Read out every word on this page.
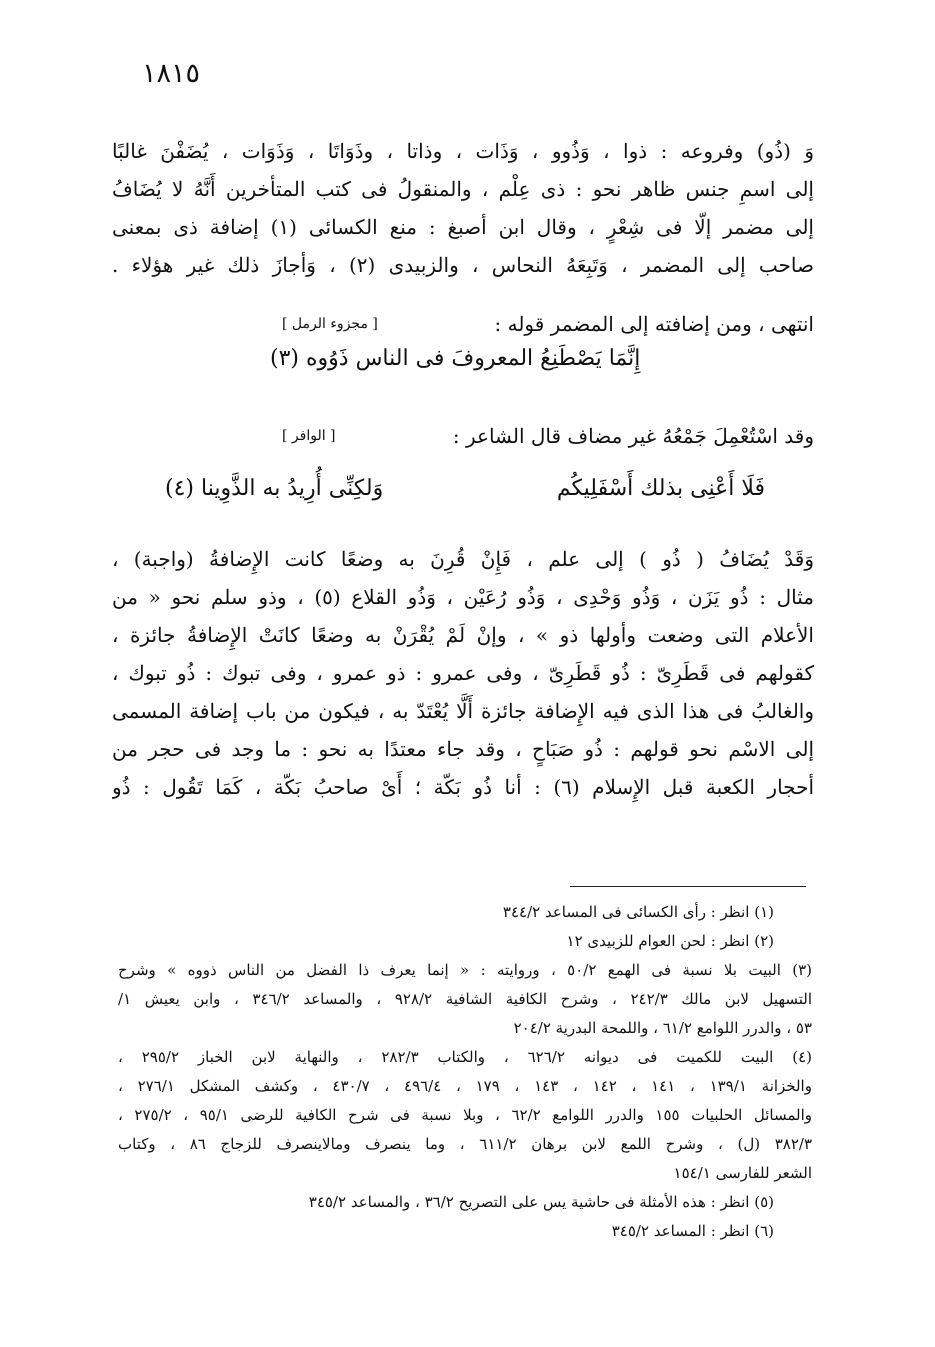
١٨١٥
وَ (ذُو) وفروعه : ذوا ، وَذُوو ، وَذَات ، وذاتا ، وذَوَاتَا ، وَذَوَات ، يُضَفْنَ غالبًا
إلى اسمِ جنس ظاهر نحو : ذى عِلْم ، والمنقولُ فى كتب المتأخرين أَنَّهُ لا يُضَافُ
إلى مضمر إلّا فى شِعْرٍ ، وقال ابن أصبغ : منع الكسائى (١) إضافة ذى بمعنى
صاحب إلى المضمر ، وَتَبِعَهُ النحاس ، والزبيدى (٢) ، وَأجازَ ذلك غير هؤلاء .
انتهى ، ومن إضافته إلى المضمر قوله :
[ مجزوء الرمل ]
إِنَّمَا يَصْطَنِعُ المعروفَ فى الناس ذَوُوه (٣)
وقد اسْتُعْمِلَ جَمْعُهُ غير مضاف قال الشاعر :
[ الوافر ]
فَلَا أَعْنِى بذلك أَسْفَلِيكُم
وَلكِنِّى أُرِيدُ به الذَّوِينا (٤)
وَقَدْ يُضَافُ ( ذُو ) إلى علم ، فَإِنْ قُرِنَ به وضعًا كانت الإِضافةُ (واجبة) ،
مثال : ذُو يَزَن ، وَذُو وَحْدِى ، وَذُو رُعَيْن ، وَذُو القلاع (٥) ، وذو سلم نحو « من
الأعلام التى وضعت وأولها ذو » ، وإنْ لَمْ يُقْرَنْ به وضعًا كانَتْ الإِضافةُ جائزة ،
كقولهم فى قَطَرِىّ : ذُو قَطَرِىّ ، وفى عمرو : ذو عمرو ، وفى تبوك : ذُو تبوك ،
والغالبُ فى هذا الذى فيه الإِضافة جائزة أَلَّا يُعْتَدّ به ، فيكون من باب إضافة المسمى
إلى الاسْم نحو قولهم : ذُو صَبَاحٍ ، وقد جاء معتدًا به نحو : ما وجد فى حجر من
أحجار الكعبة قبل الإِسلام (٦) : أنا ذُو بَكّة ؛ أَىْ صاحبُ بَكّة ، كَمَا تَقُول : ذُو
(١) انظر : رأى الكسائى فى المساعد ٣٤٤/٢
(٢) انظر : لحن العوام للزبيدى ١٢
(٣) البيت بلا نسبة فى الهمع ٥٠/٢ ، وروايته : « إنما يعرف ذا الفضل من الناس ذووه » وشرح
التسهيل لابن مالك ٢٤٢/٣ ، وشرح الكافية الشافية ٩٢٨/٢ ، والمساعد ٣٤٦/٢ ، وابن يعيش ١/
٥٣ ، والدرر اللوامع ٦١/٢ ، واللمحة البدرية ٢٠٤/٢
(٤) البيت للكميت فى ديوانه ٦٢٦/٢ ، والكتاب ٢٨٢/٣ ، والنهاية لابن الخباز ٢٩٥/٢ ،
والخزانة ١٣٩/١ ، ١٤١ ، ١٤٢ ، ١٤٣ ، ١٧٩ ، ٤٩٦/٤ ، ٤٣٠/٧ ، وكشف المشكل ٢٧٦/١ ،
والمسائل الحلبيات ١٥٥ والدرر اللوامع ٦٢/٢ ، وبلا نسبة فى شرح الكافية للرضى ٩٥/١ ، ٢٧٥/٢ ،
٣٨٢/٣ (ل) ، وشرح اللمع لابن برهان ٦١١/٢ ، وما ينصرف ومالاينصرف للزجاج ٨٦ ، وكتاب
الشعر للفارسى ١٥٤/١
(٥) انظر : هذه الأمثلة فى حاشية يس على التصريح ٣٦/٢ ، والمساعد ٣٤٥/٢
(٦) انظر : المساعد ٣٤٥/٢
